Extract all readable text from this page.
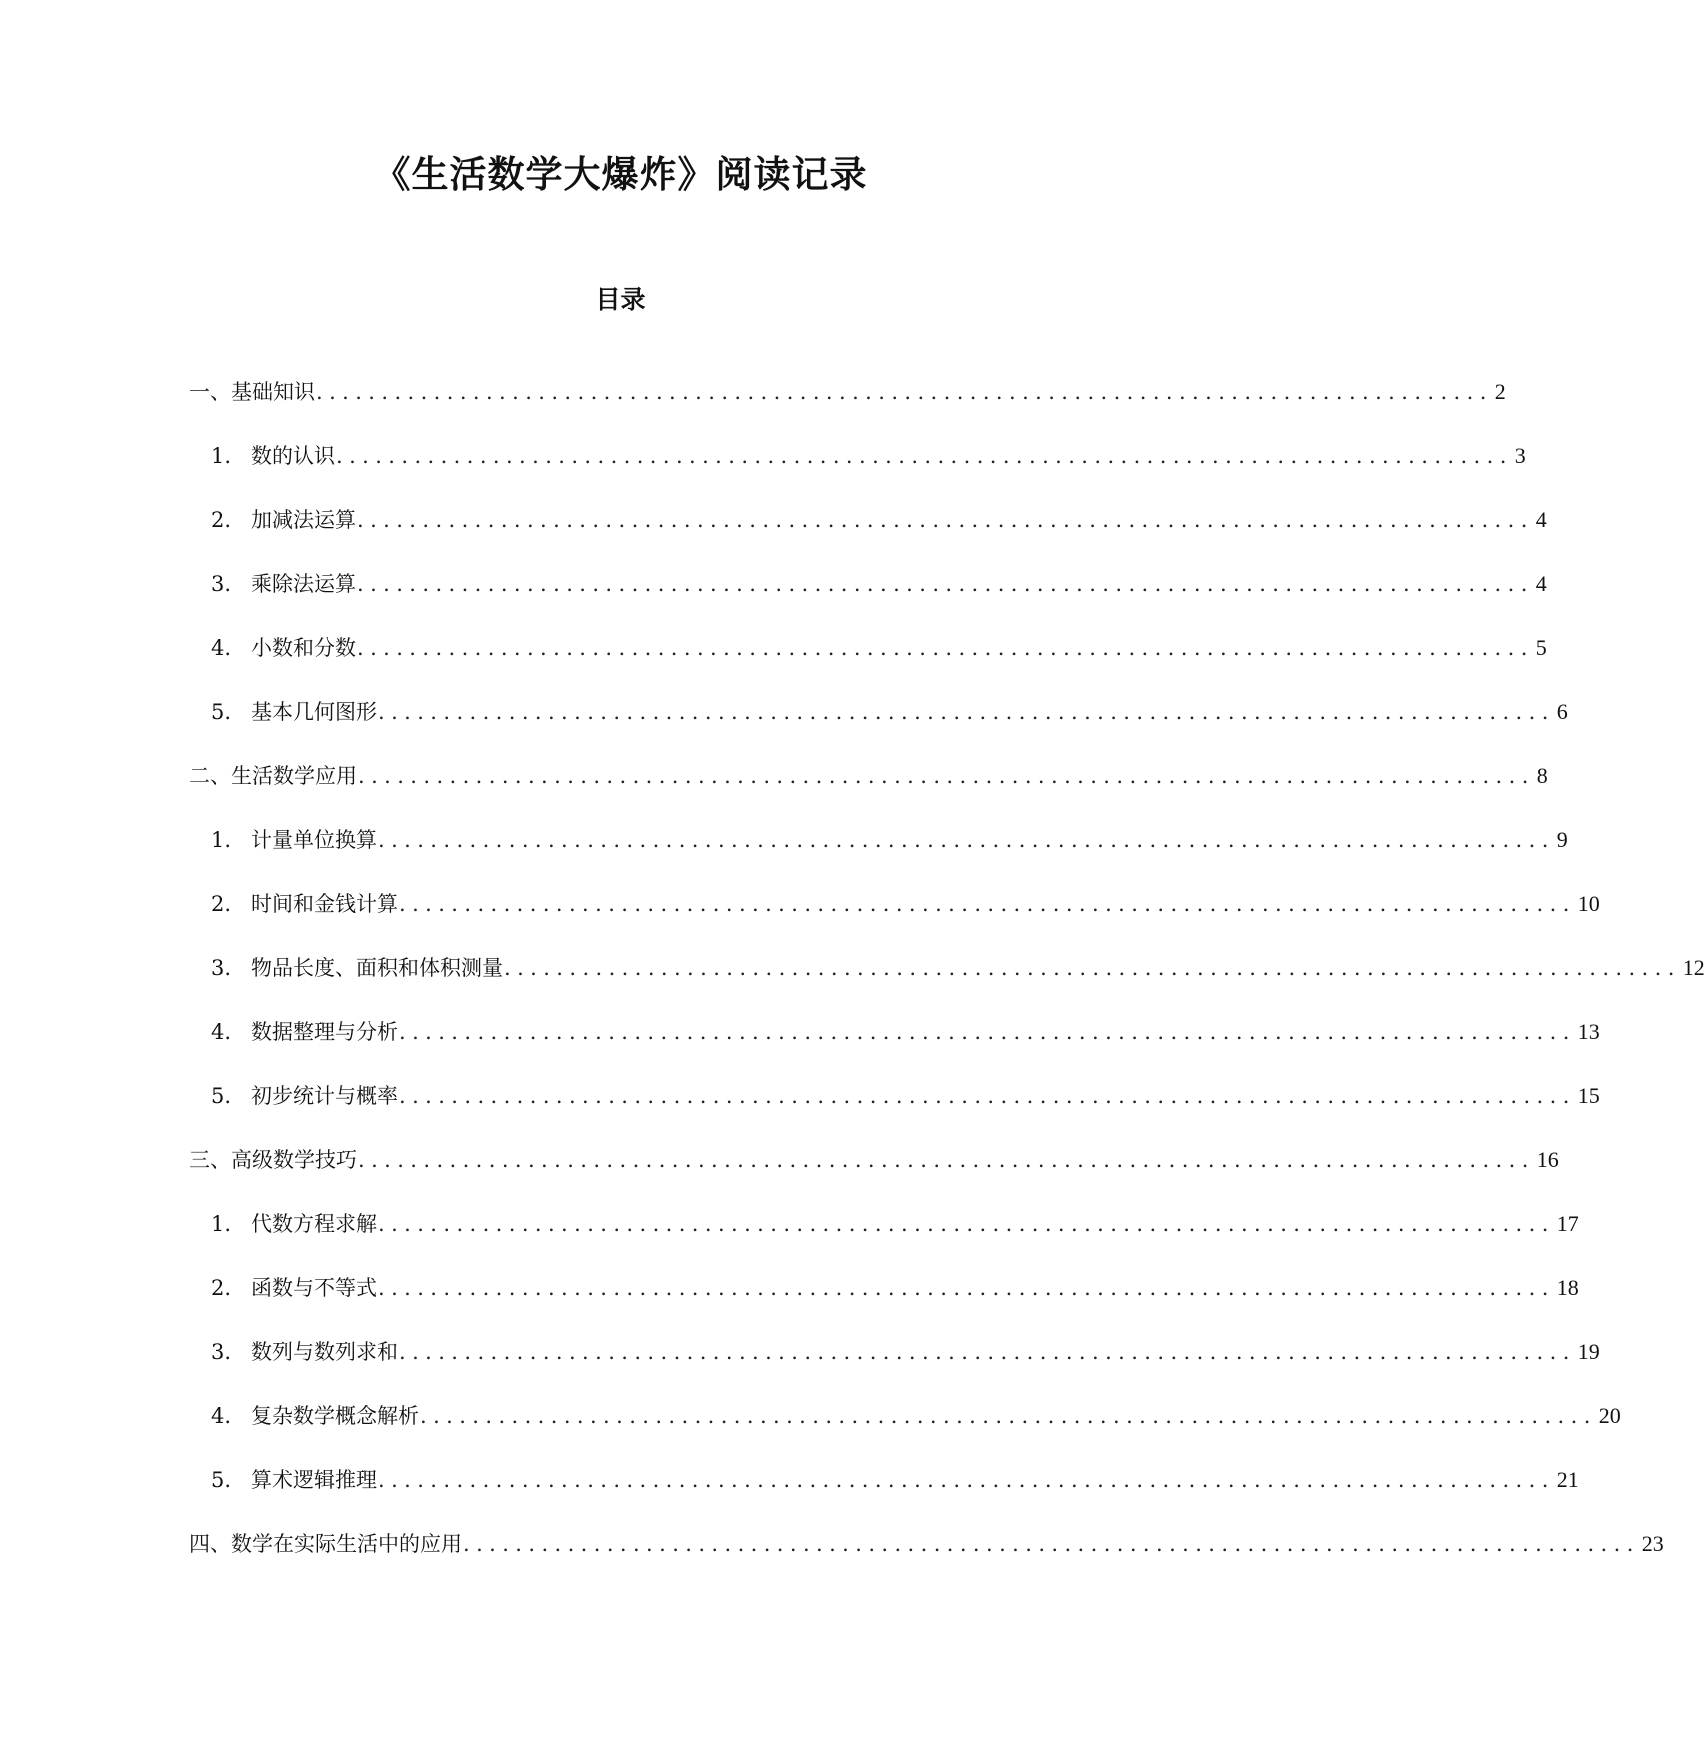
《生活数学大爆炸》阅读记录
目录
一、基础知识 .......................................................................................... 2
1. 数的认识 .......................................................................................... 3
2. 加减法运算 .......................................................................................... 4
3. 乘除法运算 .......................................................................................... 4
4. 小数和分数 .......................................................................................... 5
5. 基本几何图形 .......................................................................................... 6
二、生活数学应用 .......................................................................................... 8
1. 计量单位换算 .......................................................................................... 9
2. 时间和金钱计算 .......................................................................................... 10
3. 物品长度、面积和体积测量 .......................................................................................... 12
4. 数据整理与分析 .......................................................................................... 13
5. 初步统计与概率 .......................................................................................... 15
三、高级数学技巧 .......................................................................................... 16
1. 代数方程求解 .......................................................................................... 17
2. 函数与不等式 .......................................................................................... 18
3. 数列与数列求和 .......................................................................................... 19
4. 复杂数学概念解析 .......................................................................................... 20
5. 算术逻辑推理 .......................................................................................... 21
四、数学在实际生活中的应用 .......................................................................................... 23
